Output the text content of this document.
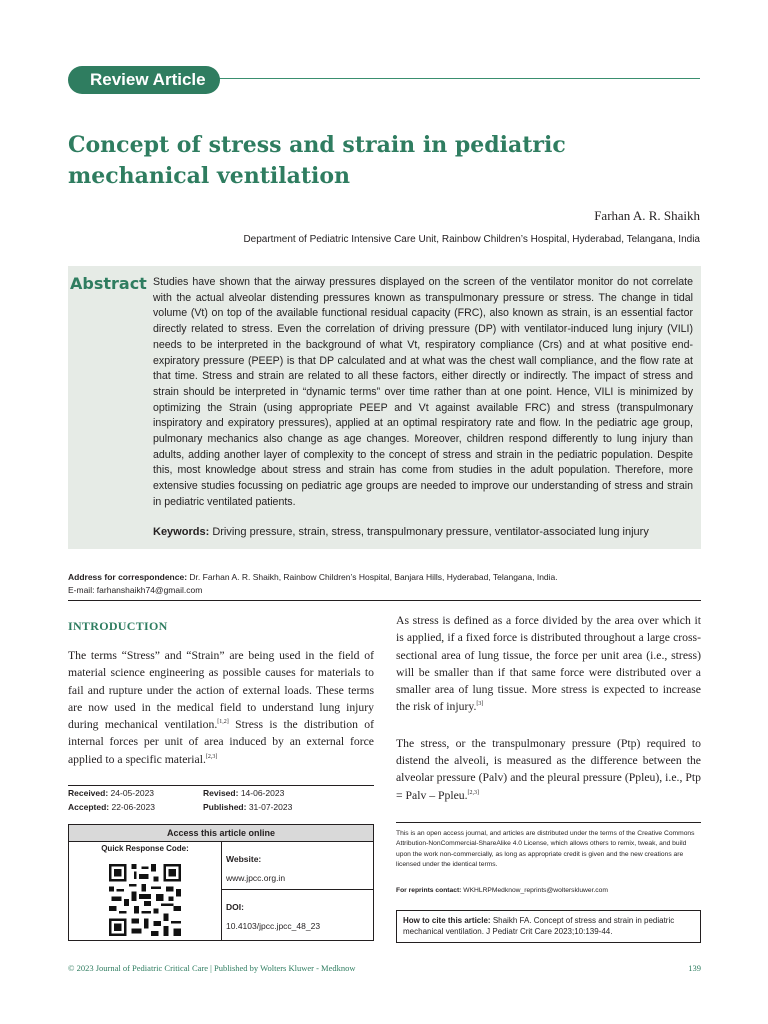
Review Article
Concept of stress and strain in pediatric mechanical ventilation
Farhan A. R. Shaikh
Department of Pediatric Intensive Care Unit, Rainbow Children’s Hospital, Hyderabad, Telangana, India
Abstract Studies have shown that the airway pressures displayed on the screen of the ventilator monitor do not correlate with the actual alveolar distending pressures known as transpulmonary pressure or stress. The change in tidal volume (Vt) on top of the available functional residual capacity (FRC), also known as strain, is an essential factor directly related to stress. Even the correlation of driving pressure (DP) with ventilator-induced lung injury (VILI) needs to be interpreted in the background of what Vt, respiratory compliance (Crs) and at what positive end-expiratory pressure (PEEP) is that DP calculated and at what was the chest wall compliance, and the flow rate at that time. Stress and strain are related to all these factors, either directly or indirectly. The impact of stress and strain should be interpreted in “dynamic terms” over time rather than at one point. Hence, VILI is minimized by optimizing the Strain (using appropriate PEEP and Vt against available FRC) and stress (transpulmonary inspiratory and expiratory pressures), applied at an optimal respiratory rate and flow. In the pediatric age group, pulmonary mechanics also change as age changes. Moreover, children respond differently to lung injury than adults, adding another layer of complexity to the concept of stress and strain in the pediatric population. Despite this, most knowledge about stress and strain has come from studies in the adult population. Therefore, more extensive studies focussing on pediatric age groups are needed to improve our understanding of stress and strain in pediatric ventilated patients.
Keywords: Driving pressure, strain, stress, transpulmonary pressure, ventilator-associated lung injury
Address for correspondence: Dr. Farhan A. R. Shaikh, Rainbow Children’s Hospital, Banjara Hills, Hyderabad, Telangana, India.
E-mail: farhanshaikh74@gmail.com
INTRODUCTION
The terms “Stress” and “Strain” are being used in the field of material science engineering as possible causes for materials to fail and rupture under the action of external loads. These terms are now used in the medical field to understand lung injury during mechanical ventilation.[1,2] Stress is the distribution of internal forces per unit of area induced by an external force applied to a specific material.[2,3]

As stress is defined as a force divided by the area over which it is applied, if a fixed force is distributed throughout a large cross-sectional area of lung tissue, the force per unit area (i.e., stress) will be smaller than if that same force were distributed over a smaller area of lung tissue. More stress is expected to increase the risk of injury.[3]

The stress, or the transpulmonary pressure (Ptp) required to distend the alveoli, is measured as the difference between the alveolar pressure (Palv) and the pleural pressure (Ppleu), i.e., Ptp = Palv – Ppleu.[2,3]

Received: 24-05-2023	Revised: 14-06-2023
Accepted: 22-06-2023	Published: 31-07-2023
Access this article online
Quick Response Code:
Website:
www.jpcc.org.in
DOI:
10.4103/jpcc.jpcc_48_23
This is an open access journal, and articles are distributed under the terms of the Creative Commons Attribution-NonCommercial-ShareAlike 4.0 License, which allows others to remix, tweak, and build upon the work non-commercially, as long as appropriate credit is given and the new creations are licensed under the identical terms.
For reprints contact: WKHLRPMedknow_reprints@wolterskluwer.com
How to cite this article: Shaikh FA. Concept of stress and strain in pediatric mechanical ventilation. J Pediatr Crit Care 2023;10:139-44.
© 2023 Journal of Pediatric Critical Care | Published by Wolters Kluwer - Medknow	139
